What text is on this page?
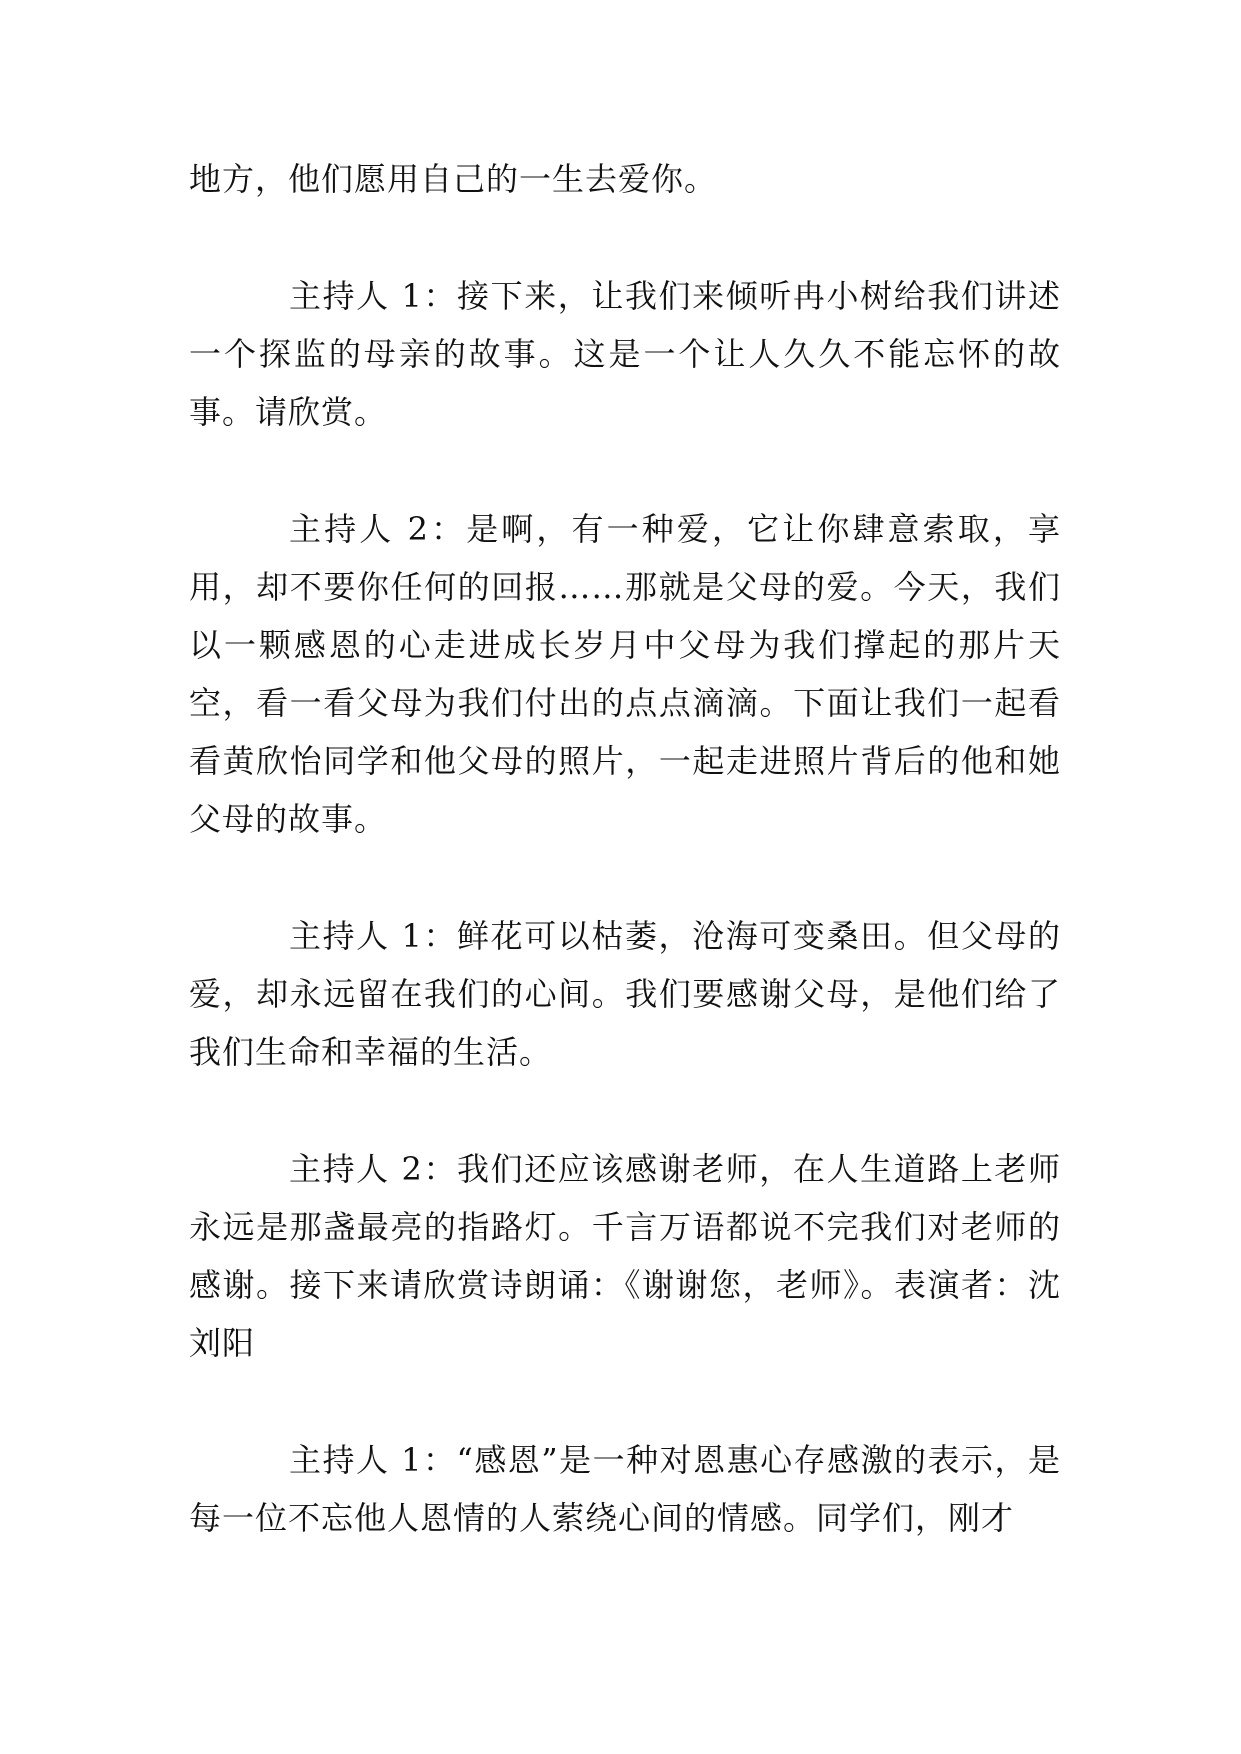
地方，他们愿用自己的一生去爱你。

主持人 1：接下来，让我们来倾听冉小树给我们讲述一个探监的母亲的故事。这是一个让人久久不能忘怀的故事。请欣赏。

主持人 2：是啊，有一种爱，它让你肆意索取，享用，却不要你任何的回报……那就是父母的爱。今天，我们以一颗感恩的心走进成长岁月中父母为我们撑起的那片天空，看一看父母为我们付出的点点滴滴。下面让我们一起看看黄欣怡同学和他父母的照片，一起走进照片背后的他和她父母的故事。

主持人 1：鲜花可以枯萎，沧海可变桑田。但父母的爱，却永远留在我们的心间。我们要感谢父母，是他们给了我们生命和幸福的生活。

主持人 2：我们还应该感谢老师，在人生道路上老师永远是那盏最亮的指路灯。千言万语都说不完我们对老师的感谢。接下来请欣赏诗朗诵：《谢谢您，老师》。表演者：沈刘阳

主持人 1：“感恩”是一种对恩惠心存感激的表示，是每一位不忘他人恩情的人萦绕心间的情感。同学们，刚才
